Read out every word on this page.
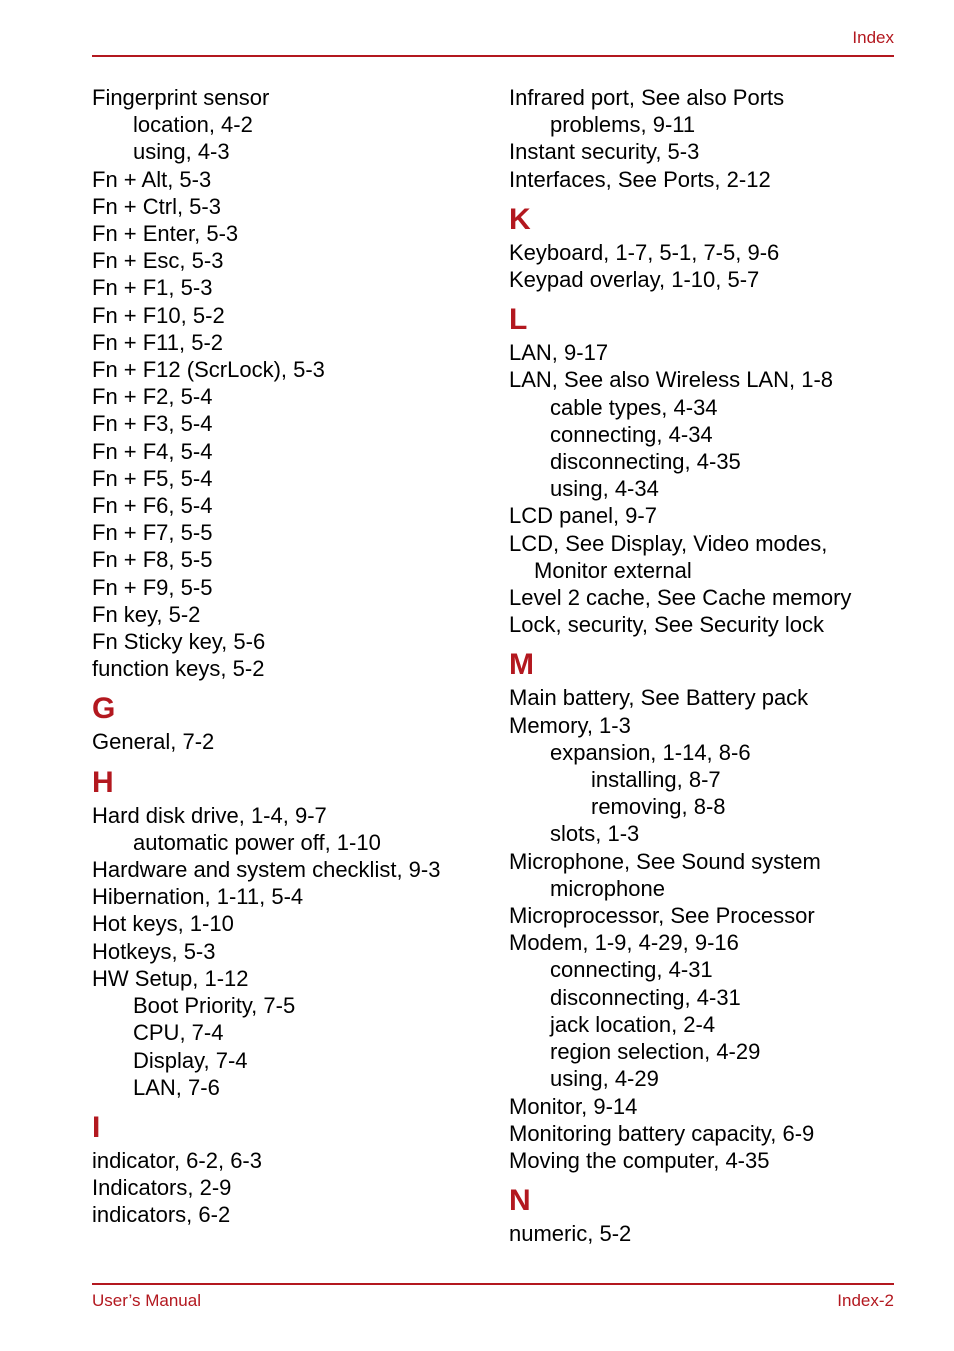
Index
Fingerprint sensor
location, 4-2
using, 4-3
Fn + Alt, 5-3
Fn + Ctrl, 5-3
Fn + Enter, 5-3
Fn + Esc, 5-3
Fn + F1, 5-3
Fn + F10, 5-2
Fn + F11, 5-2
Fn + F12 (ScrLock), 5-3
Fn + F2, 5-4
Fn + F3, 5-4
Fn + F4, 5-4
Fn + F5, 5-4
Fn + F6, 5-4
Fn + F7, 5-5
Fn + F8, 5-5
Fn + F9, 5-5
Fn key, 5-2
Fn Sticky key, 5-6
function keys, 5-2
G
General, 7-2
H
Hard disk drive, 1-4, 9-7
automatic power off, 1-10
Hardware and system checklist, 9-3
Hibernation, 1-11, 5-4
Hot keys, 1-10
Hotkeys, 5-3
HW Setup, 1-12
Boot Priority, 7-5
CPU, 7-4
Display, 7-4
LAN, 7-6
I
indicator, 6-2, 6-3
Indicators, 2-9
indicators, 6-2
Infrared port, See also Ports
problems, 9-11
Instant security, 5-3
Interfaces, See Ports, 2-12
K
Keyboard, 1-7, 5-1, 7-5, 9-6
Keypad overlay, 1-10, 5-7
L
LAN, 9-17
LAN, See also Wireless LAN, 1-8
cable types, 4-34
connecting, 4-34
disconnecting, 4-35
using, 4-34
LCD panel, 9-7
LCD, See Display, Video modes,
Monitor external
Level 2 cache, See Cache memory
Lock, security, See Security lock
M
Main battery, See Battery pack
Memory, 1-3
expansion, 1-14, 8-6
installing, 8-7
removing, 8-8
slots, 1-3
Microphone, See Sound system
microphone
Microprocessor, See Processor
Modem, 1-9, 4-29, 9-16
connecting, 4-31
disconnecting, 4-31
jack location, 2-4
region selection, 4-29
using, 4-29
Monitor, 9-14
Monitoring battery capacity, 6-9
Moving the computer, 4-35
N
numeric, 5-2
User’s Manual	Index-2
